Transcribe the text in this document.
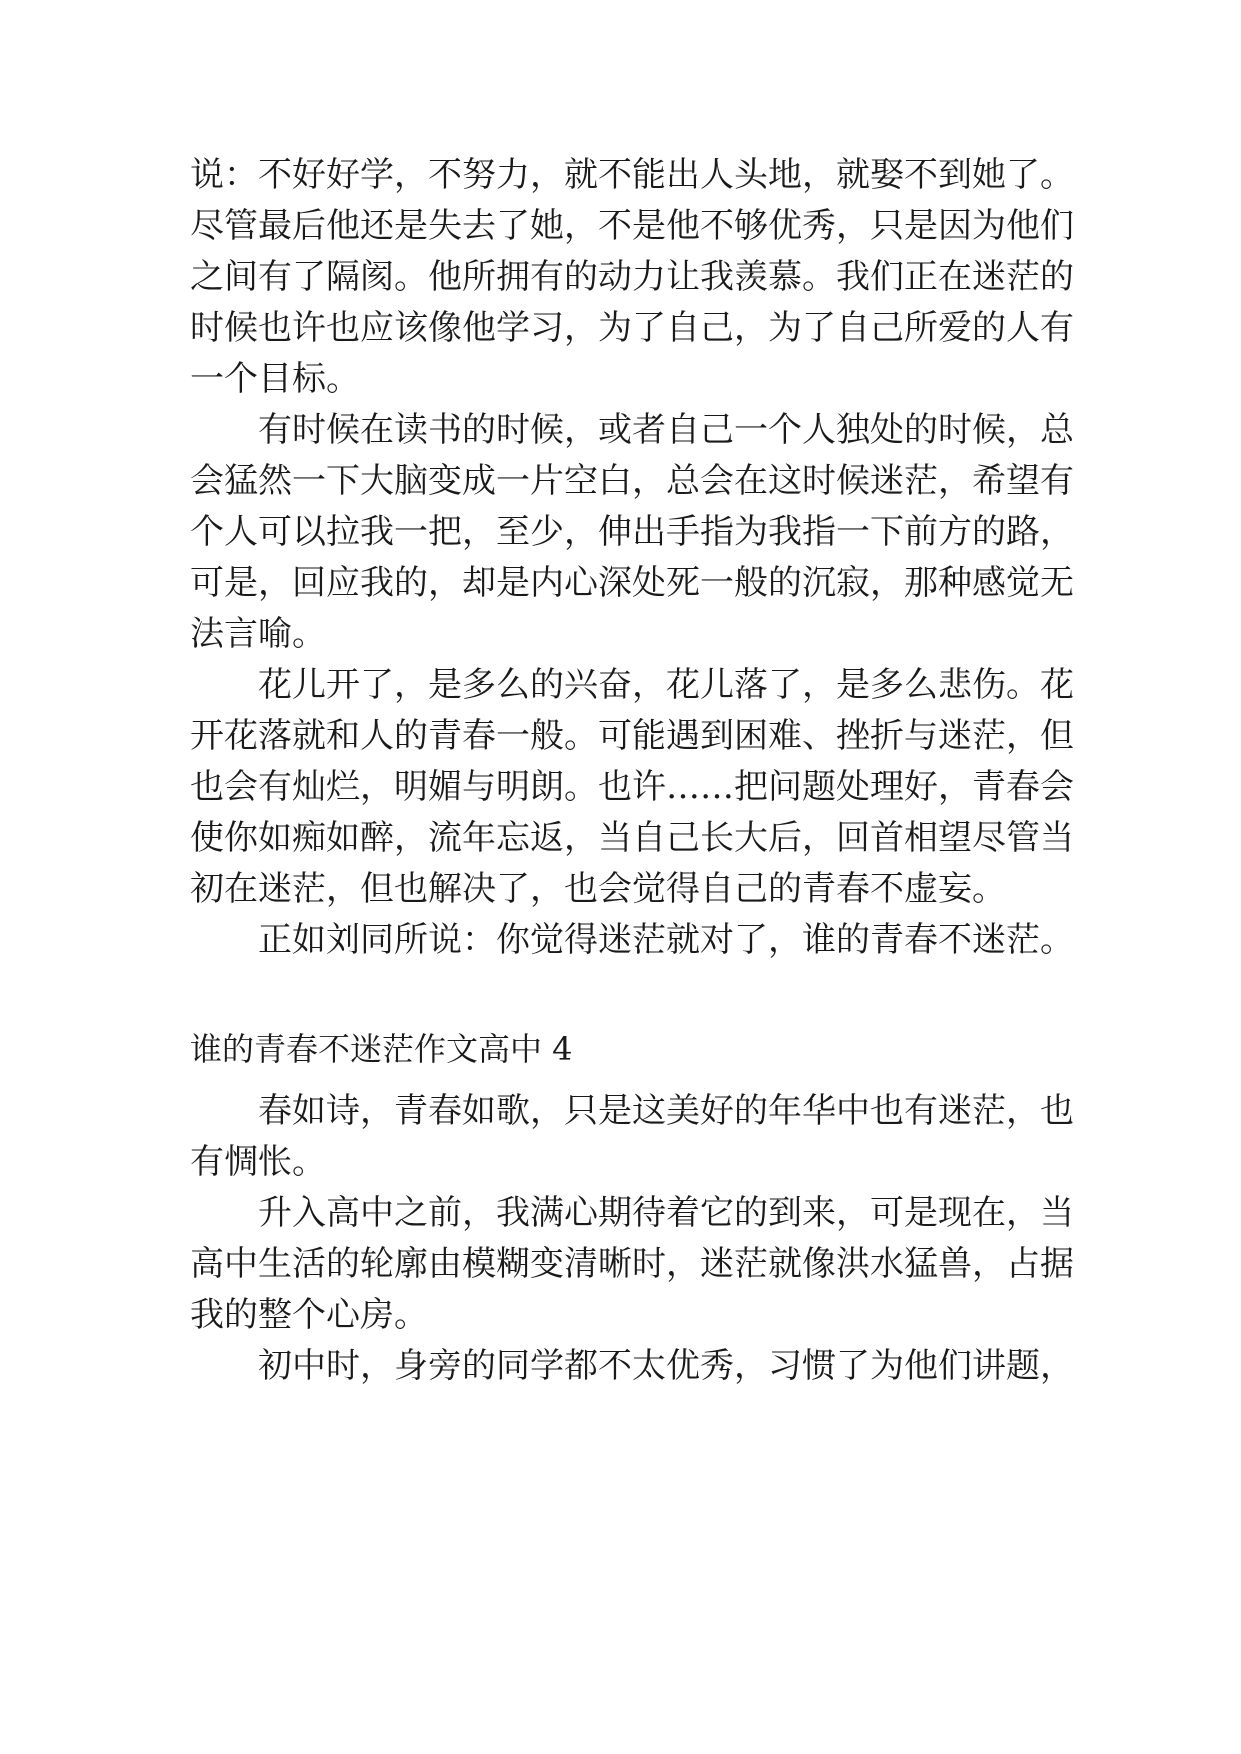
说：不好好学，不努力，就不能出人头地，就娶不到她了。
尽管最后他还是失去了她，不是他不够优秀，只是因为他们
之间有了隔阂。他所拥有的动力让我羡慕。我们正在迷茫的
时候也许也应该像他学习，为了自己，为了自己所爱的人有
一个目标。
有时候在读书的时候，或者自己一个人独处的时候，总
会猛然一下大脑变成一片空白，总会在这时候迷茫，希望有
个人可以拉我一把，至少，伸出手指为我指一下前方的路，
可是，回应我的，却是内心深处死一般的沉寂，那种感觉无
法言喻。
花儿开了，是多么的兴奋，花儿落了，是多么悲伤。花
开花落就和人的青春一般。可能遇到困难、挫折与迷茫，但
也会有灿烂，明媚与明朗。也许……把问题处理好，青春会
使你如痴如醉，流年忘返，当自己长大后，回首相望尽管当
初在迷茫，但也解决了，也会觉得自己的青春不虚妄。
正如刘同所说：你觉得迷茫就对了，谁的青春不迷茫。
谁的青春不迷茫作文高中 4
春如诗，青春如歌，只是这美好的年华中也有迷茫，也
有惆怅。
升入高中之前，我满心期待着它的到来，可是现在，当
高中生活的轮廓由模糊变清晰时，迷茫就像洪水猛兽，占据
我的整个心房。
初中时，身旁的同学都不太优秀，习惯了为他们讲题，
